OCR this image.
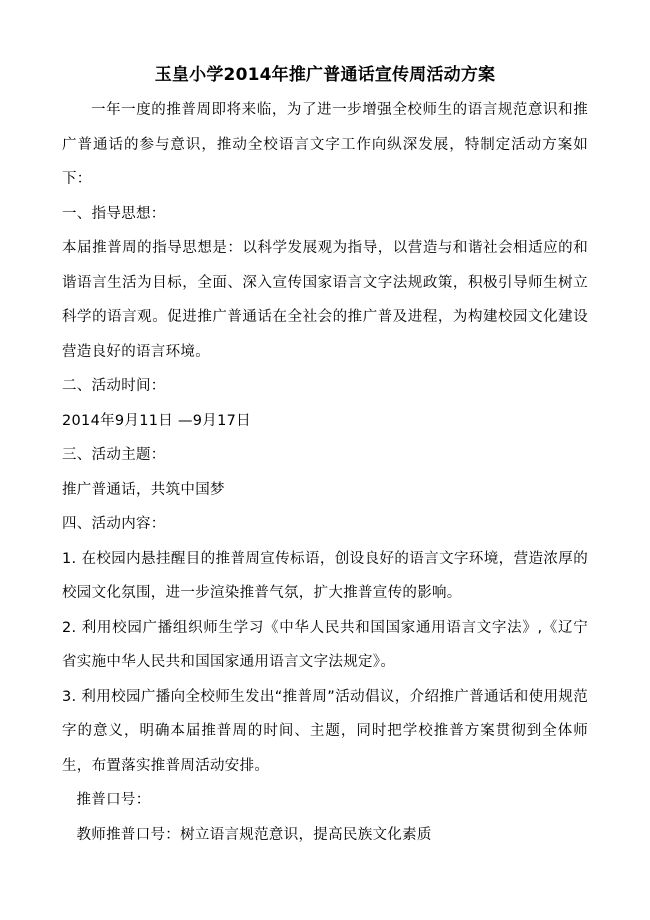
玉皇小学2014年推广普通话宣传周活动方案

一年一度的推普周即将来临，为了进一步增强全校师生的语言规范意识和推广普通话的参与意识，推动全校语言文字工作向纵深发展，特制定活动方案如下：

一、指导思想：

本届推普周的指导思想是：以科学发展观为指导，以营造与和谐社会相适应的和谐语言生活为目标，全面、深入宣传国家语言文字法规政策，积极引导师生树立科学的语言观。促进推广普通话在全社会的推广普及进程，为构建校园文化建设营造良好的语言环境。

二、活动时间：

2014年9月11日 —9月17日

三、活动主题：

推广普通话，共筑中国梦

四、活动内容：

1. 在校园内悬挂醒目的推普周宣传标语，创设良好的语言文字环境，营造浓厚的校园文化氛围，进一步渲染推普气氛，扩大推普宣传的影响。

2. 利用校园广播组织师生学习《中华人民共和国国家通用语言文字法》,《辽宁省实施中华人民共和国国家通用语言文字法规定》。

3. 利用校园广播向全校师生发出“推普周”活动倡议，介绍推广普通话和使用规范字的意义，明确本届推普周的时间、主题，同时把学校推普方案贯彻到全体师生，布置落实推普周活动安排。

推普口号：

教师推普口号：树立语言规范意识，提高民族文化素质
